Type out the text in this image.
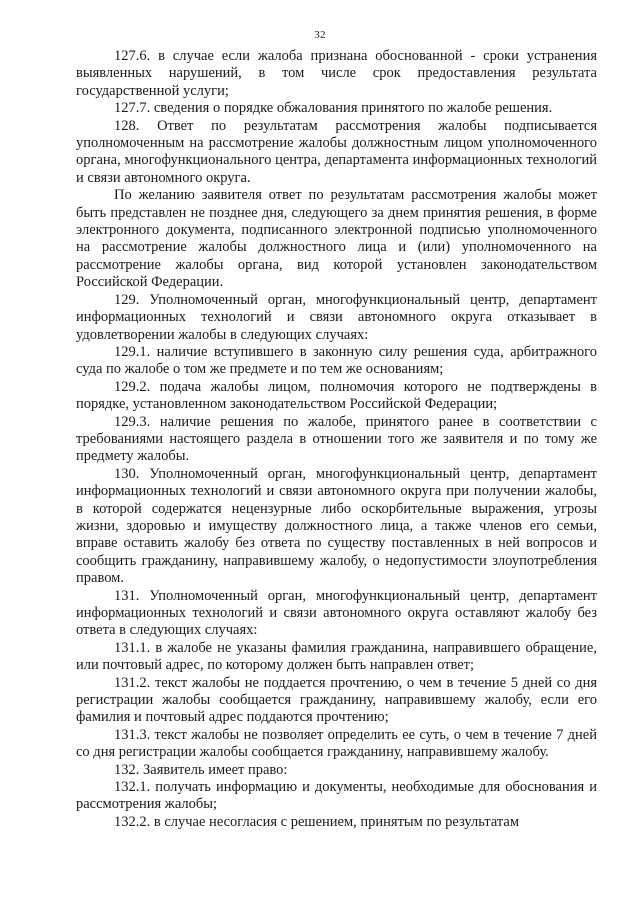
32

127.6. в случае если жалоба признана обоснованной - сроки устранения выявленных нарушений, в том числе срок предоставления результата государственной услуги;

127.7. сведения о порядке обжалования принятого по жалобе решения.

128. Ответ по результатам рассмотрения жалобы подписывается уполномоченным на рассмотрение жалобы должностным лицом уполномоченного органа, многофункционального центра, департамента информационных технологий и связи автономного округа.

По желанию заявителя ответ по результатам рассмотрения жалобы может быть представлен не позднее дня, следующего за днем принятия решения, в форме электронного документа, подписанного электронной подписью уполномоченного на рассмотрение жалобы должностного лица и (или) уполномоченного на рассмотрение жалобы органа, вид которой установлен законодательством Российской Федерации.

129. Уполномоченный орган, многофункциональный центр, департамент информационных технологий и связи автономного округа отказывает в удовлетворении жалобы в следующих случаях:

129.1. наличие вступившего в законную силу решения суда, арбитражного суда по жалобе о том же предмете и по тем же основаниям;

129.2. подача жалобы лицом, полномочия которого не подтверждены в порядке, установленном законодательством Российской Федерации;

129.3. наличие решения по жалобе, принятого ранее в соответствии с требованиями настоящего раздела в отношении того же заявителя и по тому же предмету жалобы.

130. Уполномоченный орган, многофункциональный центр, департамент информационных технологий и связи автономного округа при получении жалобы, в которой содержатся нецензурные либо оскорбительные выражения, угрозы жизни, здоровью и имуществу должностного лица, а также членов его семьи, вправе оставить жалобу без ответа по существу поставленных в ней вопросов и сообщить гражданину, направившему жалобу, о недопустимости злоупотребления правом.

131. Уполномоченный орган, многофункциональный центр, департамент информационных технологий и связи автономного округа оставляют жалобу без ответа в следующих случаях:

131.1. в жалобе не указаны фамилия гражданина, направившего обращение, или почтовый адрес, по которому должен быть направлен ответ;

131.2. текст жалобы не поддается прочтению, о чем в течение 5 дней со дня регистрации жалобы сообщается гражданину, направившему жалобу, если его фамилия и почтовый адрес поддаются прочтению;

131.3. текст жалобы не позволяет определить ее суть, о чем в течение 7 дней со дня регистрации жалобы сообщается гражданину, направившему жалобу.

132. Заявитель имеет право:

132.1. получать информацию и документы, необходимые для обоснования и рассмотрения жалобы;

132.2. в случае несогласия с решением, принятым по результатам
